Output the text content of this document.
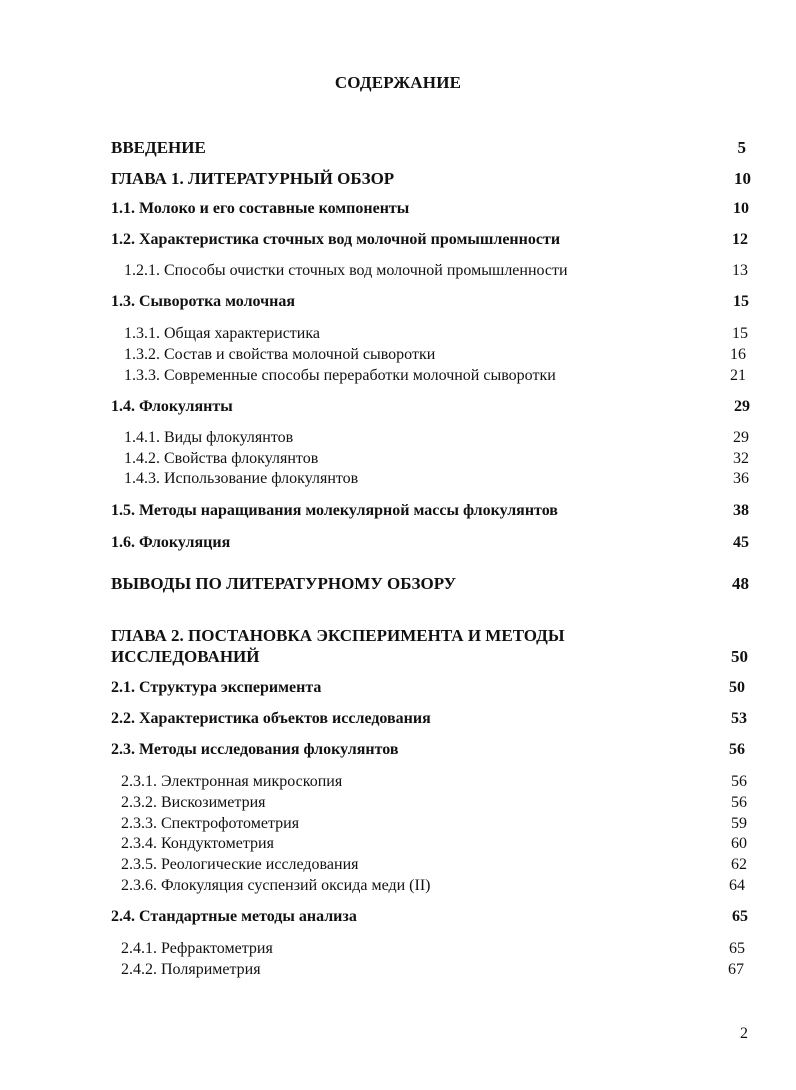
СОДЕРЖАНИЕ
ВВЕДЕНИЕ	5
ГЛАВА 1. ЛИТЕРАТУРНЫЙ ОБЗОР	10
1.1. Молоко и его составные компоненты	10
1.2. Характеристика сточных вод молочной промышленности	12
1.2.1. Способы очистки сточных вод молочной промышленности	13
1.3. Сыворотка молочная	15
1.3.1. Общая характеристика	15
1.3.2. Состав и свойства молочной сыворотки	16
1.3.3. Современные способы переработки молочной сыворотки	21
1.4. Флокулянты	29
1.4.1. Виды флокулянтов	29
1.4.2. Свойства флокулянтов	32
1.4.3. Использование флокулянтов	36
1.5. Методы наращивания молекулярной массы флокулянтов	38
1.6. Флокуляция	45
ВЫВОДЫ ПО ЛИТЕРАТУРНОМУ ОБЗОРУ	48
ГЛАВА 2. ПОСТАНОВКА ЭКСПЕРИМЕНТА И МЕТОДЫ
ИССЛЕДОВАНИЙ	50
2.1. Структура эксперимента	50
2.2. Характеристика объектов исследования	53
2.3. Методы исследования флокулянтов	56
2.3.1. Электронная микроскопия	56
2.3.2. Вискозиметрия	56
2.3.3. Спектрофотометрия	59
2.3.4. Кондуктометрия	60
2.3.5. Реологические исследования	62
2.3.6. Флокуляция суспензий оксида меди (II)	64
2.4. Стандартные методы анализа	65
2.4.1. Рефрактометрия	65
2.4.2. Поляриметрия	67
2
